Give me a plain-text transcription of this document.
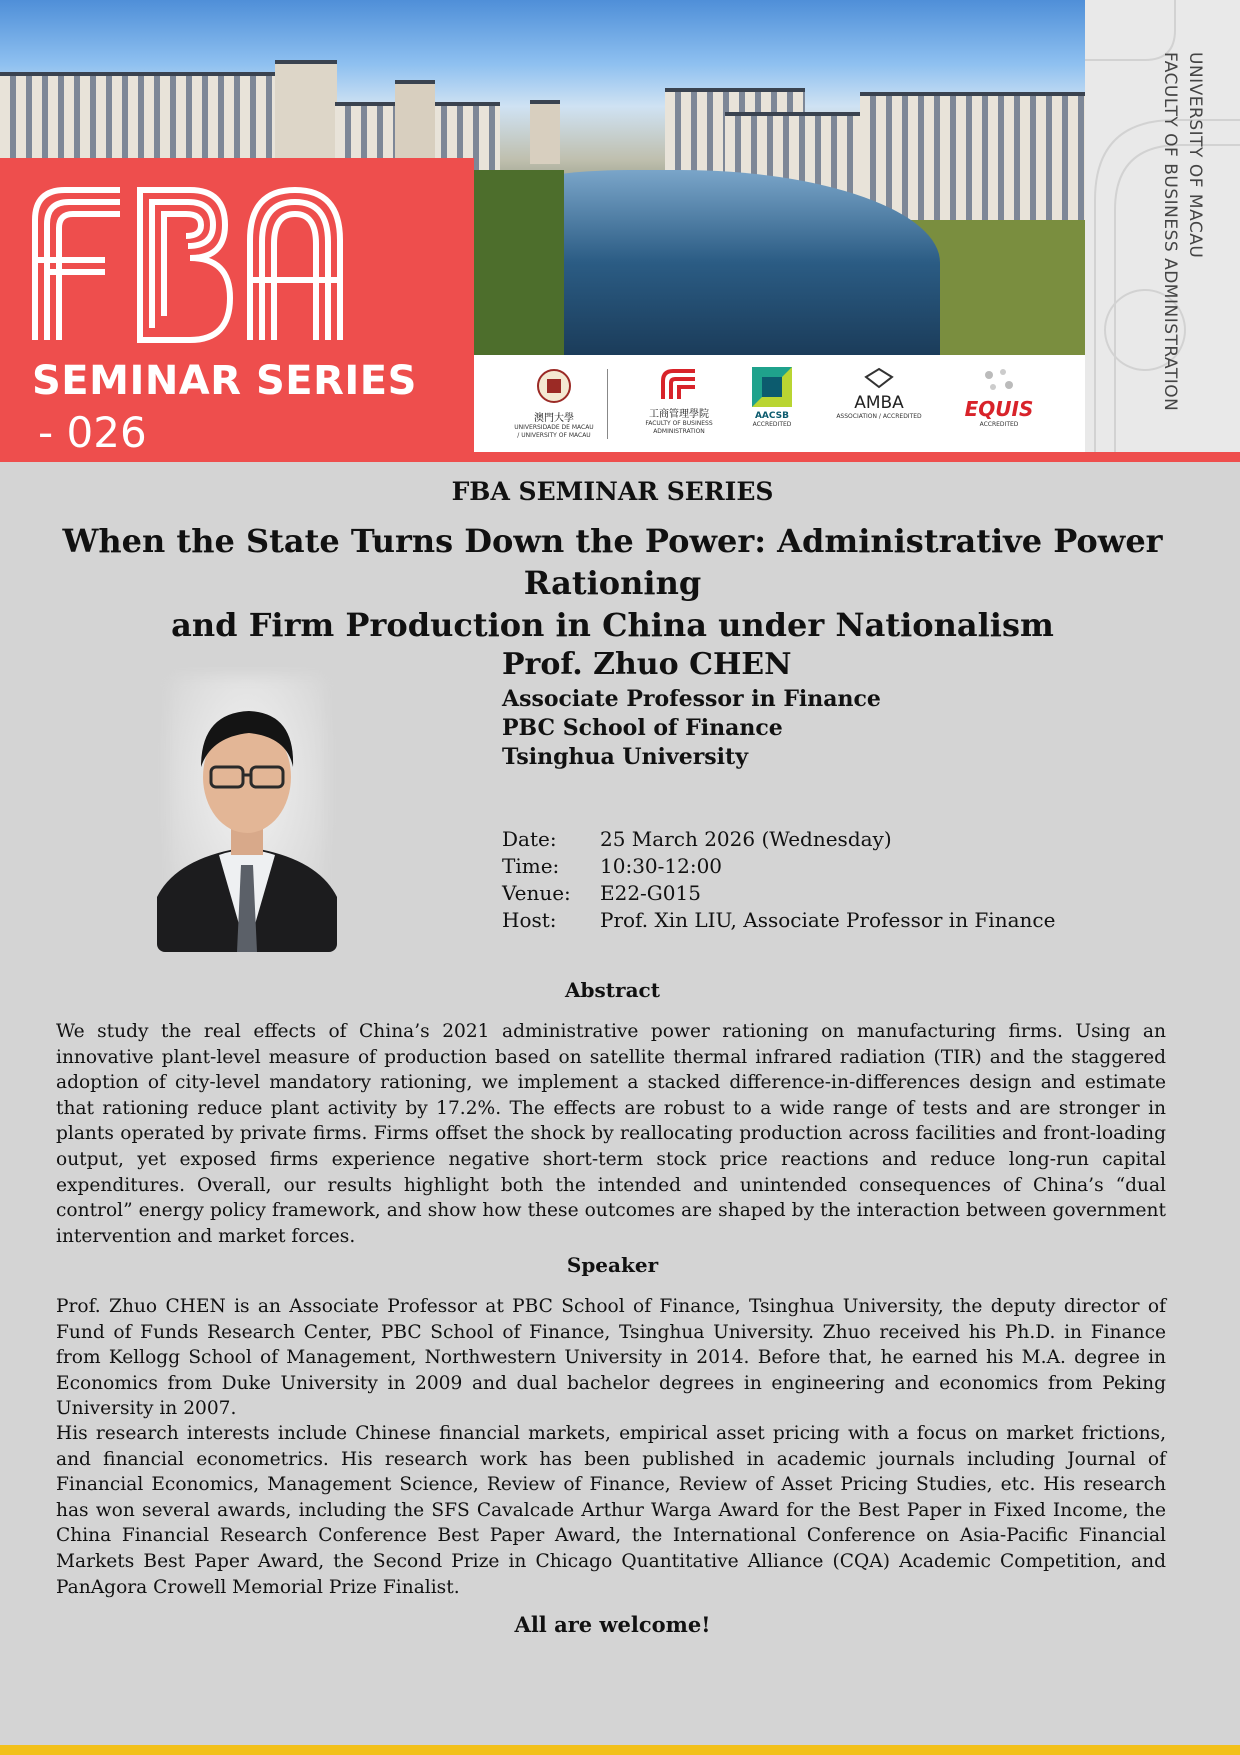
SEMINAR SERIES
- 026	澳門大學
UNIVERSIDADE DE MACAU / UNIVERSITY OF MACAU
工商管理學院
FACULTY OF BUSINESS ADMINISTRATION
AACSB
ACCREDITED
AMBA
ASSOCIATION / ACCREDITED	EQUIS
ACCREDITED
UNIVERSITY OF MACAU
FACULTY OF BUSINESS ADMINISTRATION
FBA SEMINAR SERIES
When the State Turns Down the Power: Administrative Power Rationing
and Firm Production in China under Nationalism
Prof. Zhuo CHEN
Associate Professor in Finance
PBC School of Finance
Tsinghua University
Date:	25 March 2026 (Wednesday)
Time:	10:30-12:00
Venue:	E22-G015
Host:	Prof. Xin LIU, Associate Professor in Finance
Abstract
We study the real effects of China’s 2021 administrative power rationing on manufacturing firms. Using an innovative plant-level measure of production based on satellite thermal infrared radiation (TIR) and the staggered adoption of city-level mandatory rationing, we implement a stacked difference-in-differences design and estimate that rationing reduce plant activity by 17.2%. The effects are robust to a wide range of tests and are stronger in plants operated by private firms. Firms offset the shock by reallocating production across facilities and front-loading output, yet exposed firms experience negative short-term stock price reactions and reduce long-run capital expenditures. Overall, our results highlight both the intended and unintended consequences of China’s “dual control” energy policy framework, and show how these outcomes are shaped by the interaction between government intervention and market forces.
Speaker
Prof. Zhuo CHEN is an Associate Professor at PBC School of Finance, Tsinghua University, the deputy director of Fund of Funds Research Center, PBC School of Finance, Tsinghua University. Zhuo received his Ph.D. in Finance from Kellogg School of Management, Northwestern University in 2014. Before that, he earned his M.A. degree in Economics from Duke University in 2009 and dual bachelor degrees in engineering and economics from Peking University in 2007.
His research interests include Chinese financial markets, empirical asset pricing with a focus on market frictions, and financial econometrics. His research work has been published in academic journals including Journal of Financial Economics, Management Science, Review of Finance, Review of Asset Pricing Studies, etc. His research has won several awards, including the SFS Cavalcade Arthur Warga Award for the Best Paper in Fixed Income, the China Financial Research Conference Best Paper Award, the International Conference on Asia-Pacific Financial Markets Best Paper Award, the Second Prize in Chicago Quantitative Alliance (CQA) Academic Competition, and PanAgora Crowell Memorial Prize Finalist.
All are welcome!
